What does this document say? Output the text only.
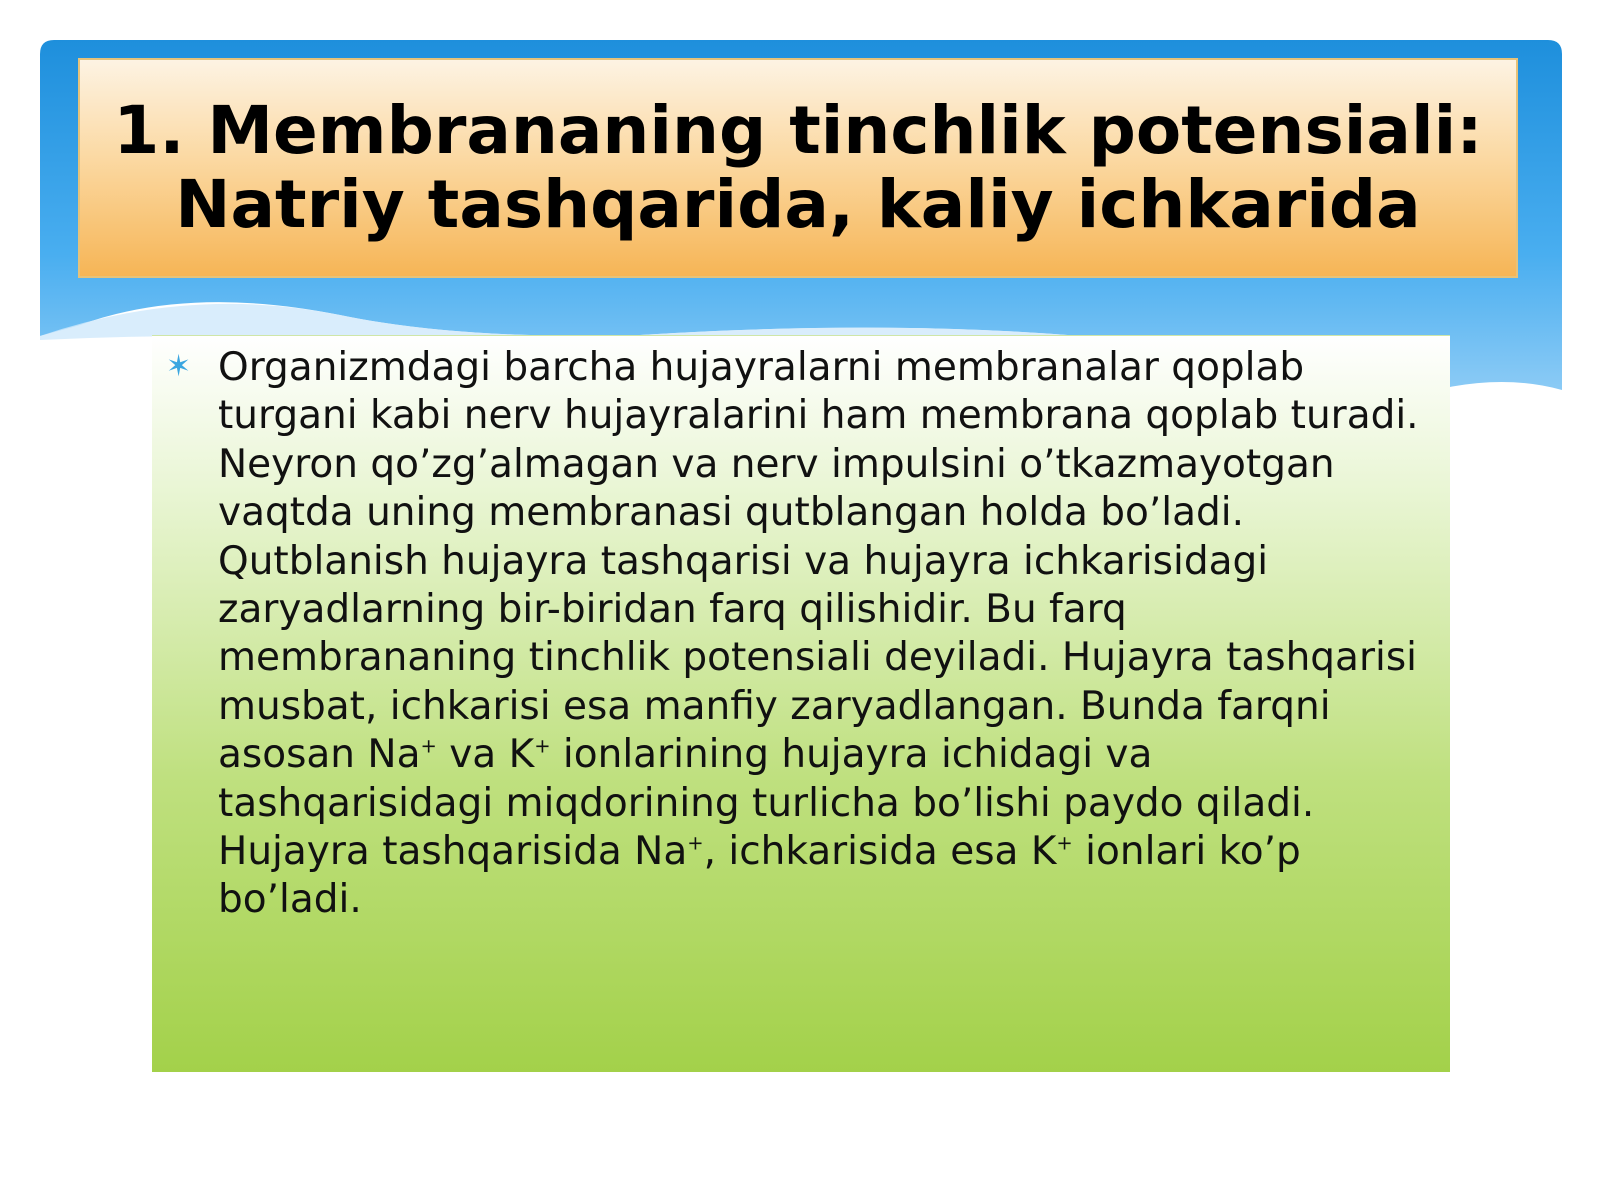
1. Membrananing tinchlik potensiali:
Natriy tashqarida, kaliy ichkarida
✶ Organizmdagi barcha hujayralarni membranalar qoplab turgani kabi nerv hujayralarini ham membrana qoplab turadi. Neyron qo’zg’almagan va nerv impulsini o’tkazmayotgan vaqtda uning membranasi qutblangan holda bo’ladi. Qutblanish hujayra tashqarisi va hujayra ichkarisidagi zaryadlarning bir-biridan farq qilishidir. Bu farq membrananing tinchlik potensiali deyiladi. Hujayra tashqarisi musbat, ichkarisi esa manfiy zaryadlangan. Bunda farqni asosan Na+ va K+ ionlarining hujayra ichidagi va tashqarisidagi miqdorining turlicha bo’lishi paydo qiladi. Hujayra tashqarisida Na+, ichkarisida esa K+ ionlari ko’p bo’ladi.
